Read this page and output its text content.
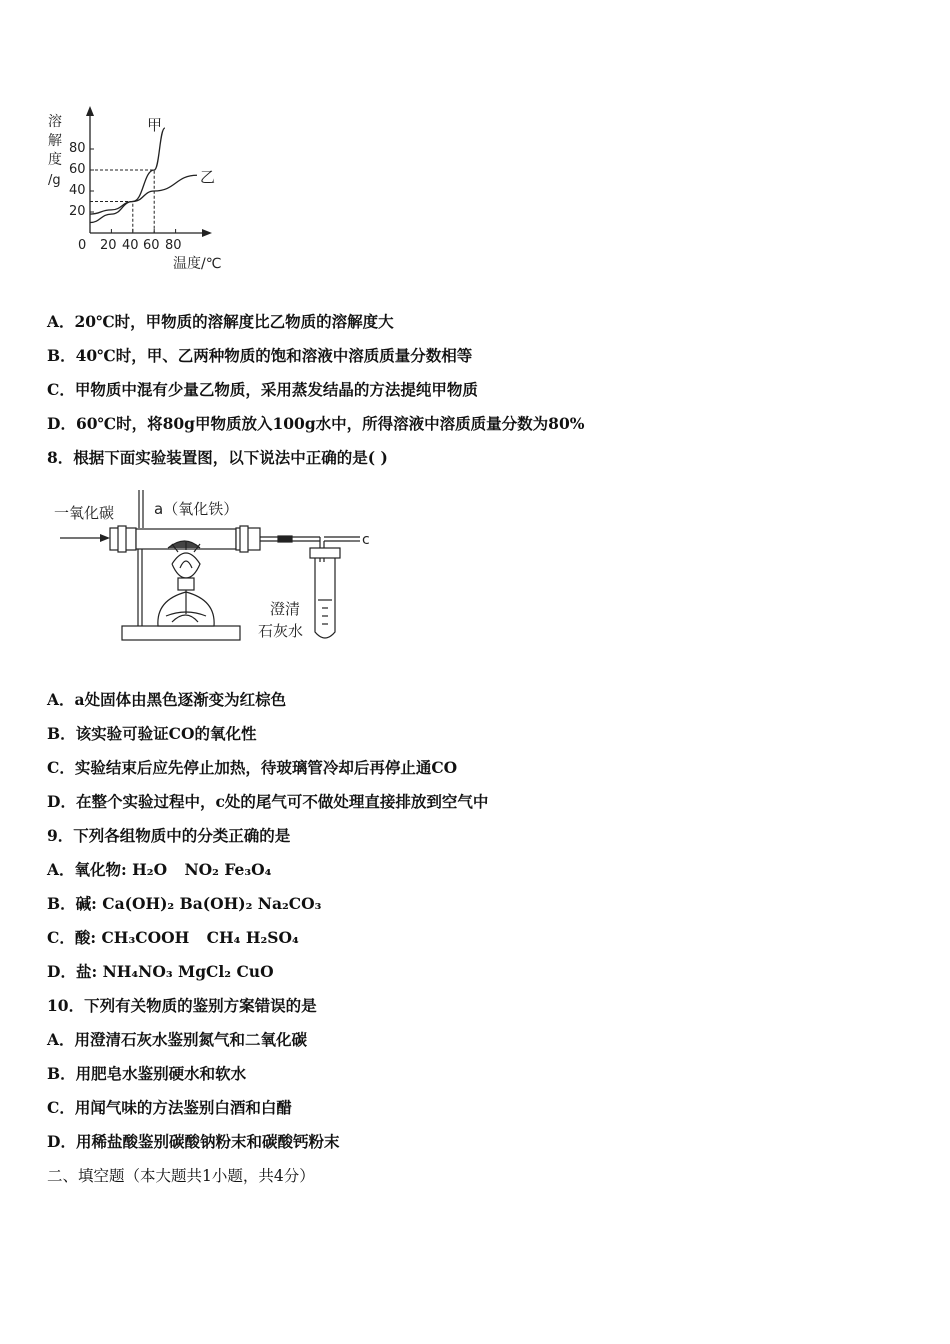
溶
解
度
/g
80
60
40
20
0 20 40 60 80
温度/℃
甲
乙
A．20℃时，甲物质的溶解度比乙物质的溶解度大
B．40℃时，甲、乙两种物质的饱和溶液中溶质质量分数相等
C．甲物质中混有少量乙物质，采用蒸发结晶的方法提纯甲物质
D．60℃时，将80g甲物质放入100g水中，所得溶液中溶质质量分数为80%
8．根据下面实验装置图，以下说法中正确的是( )
一氧化碳	a（氧化铁）
c
澄清
石灰水
A．a处固体由黑色逐渐变为红棕色
B．该实验可验证CO的氧化性
C．实验结束后应先停止加热，待玻璃管冷却后再停止通CO
D．在整个实验过程中，c处的尾气可不做处理直接排放到空气中
9．下列各组物质中的分类正确的是
A．氧化物: H₂O NO₂ Fe₃O₄
B．碱: Ca(OH)₂ Ba(OH)₂ Na₂CO₃
C．酸: CH₃COOH CH₄ H₂SO₄
D．盐: NH₄NO₃ MgCl₂ CuO
10．下列有关物质的鉴别方案错误的是
A．用澄清石灰水鉴别氮气和二氧化碳
B．用肥皂水鉴别硬水和软水
C．用闻气味的方法鉴别白酒和白醋
D．用稀盐酸鉴别碳酸钠粉末和碳酸钙粉末
二、填空题（本大题共1小题，共4分）
